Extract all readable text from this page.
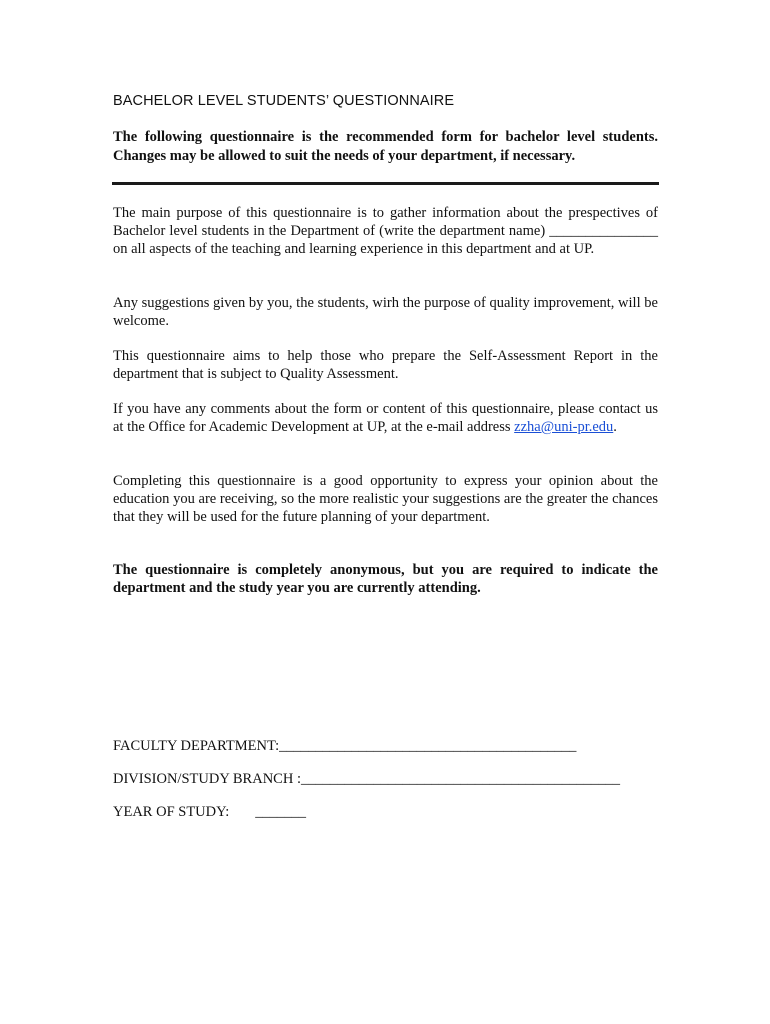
BACHELOR LEVEL STUDENTS’ QUESTIONNAIRE

The following questionnaire is the recommended form for bachelor level students. Changes may be allowed to suit the needs of your department, if necessary.

The main purpose of this questionnaire is to gather information about the prespectives of Bachelor level students in the Department of (write the department name) _______________ on all aspects of the teaching and learning experience in this department and at UP.

Any suggestions given by you, the students, wirh the purpose of quality improvement, will be welcome.

This questionnaire aims to help those who prepare the Self-Assessment Report in the department that is subject to Quality Assessment.

If you have any comments about the form or content of this questionnaire, please contact us at the Office for Academic Development at UP, at the e-mail address zzha@uni-pr.edu.

Completing this questionnaire is a good opportunity to express your opinion about the education you are receiving, so the more realistic your suggestions are the greater the chances that they will be used for the future planning of your department.

The questionnaire is completely anonymous, but you are required to indicate the department and the study year you are currently attending.

FACULTY DEPARTMENT:_________________________________________
DIVISION/STUDY BRANCH :____________________________________________
YEAR OF STUDY: _______
